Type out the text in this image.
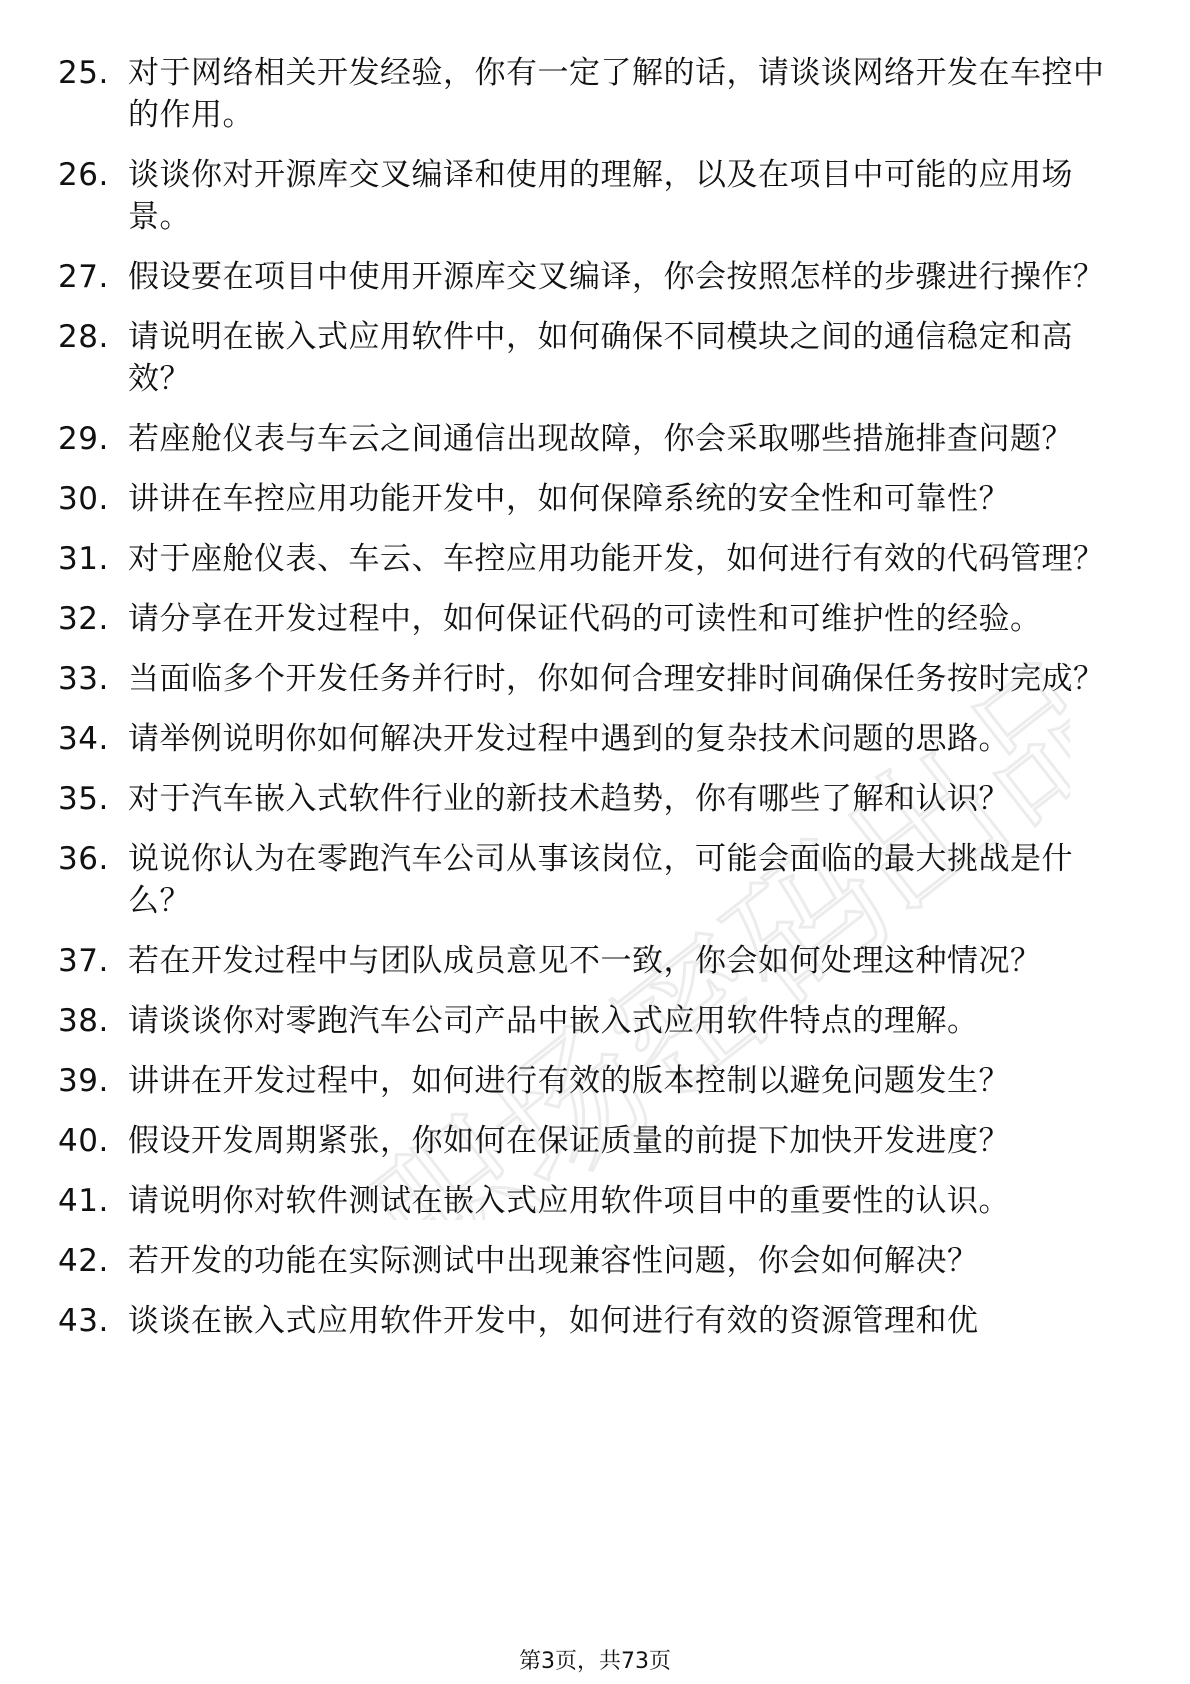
职场密码出品
25. 对于网络相关开发经验，你有一定了解的话，请谈谈网络开发在车控中的作用。
26. 谈谈你对开源库交叉编译和使用的理解，以及在项目中可能的应用场景。
27. 假设要在项目中使用开源库交叉编译，你会按照怎样的步骤进行操作？
28. 请说明在嵌入式应用软件中，如何确保不同模块之间的通信稳定和高效？
29. 若座舱仪表与车云之间通信出现故障，你会采取哪些措施排查问题？
30. 讲讲在车控应用功能开发中，如何保障系统的安全性和可靠性？
31. 对于座舱仪表、车云、车控应用功能开发，如何进行有效的代码管理？
32. 请分享在开发过程中，如何保证代码的可读性和可维护性的经验。
33. 当面临多个开发任务并行时，你如何合理安排时间确保任务按时完成？
34. 请举例说明你如何解决开发过程中遇到的复杂技术问题的思路。
35. 对于汽车嵌入式软件行业的新技术趋势，你有哪些了解和认识？
36. 说说你认为在零跑汽车公司从事该岗位，可能会面临的最大挑战是什么？
37. 若在开发过程中与团队成员意见不一致，你会如何处理这种情况？
38. 请谈谈你对零跑汽车公司产品中嵌入式应用软件特点的理解。
39. 讲讲在开发过程中，如何进行有效的版本控制以避免问题发生？
40. 假设开发周期紧张，你如何在保证质量的前提下加快开发进度？
41. 请说明你对软件测试在嵌入式应用软件项目中的重要性的认识。
42. 若开发的功能在实际测试中出现兼容性问题，你会如何解决？
43. 谈谈在嵌入式应用软件开发中，如何进行有效的资源管理和优
第3页，共73页
